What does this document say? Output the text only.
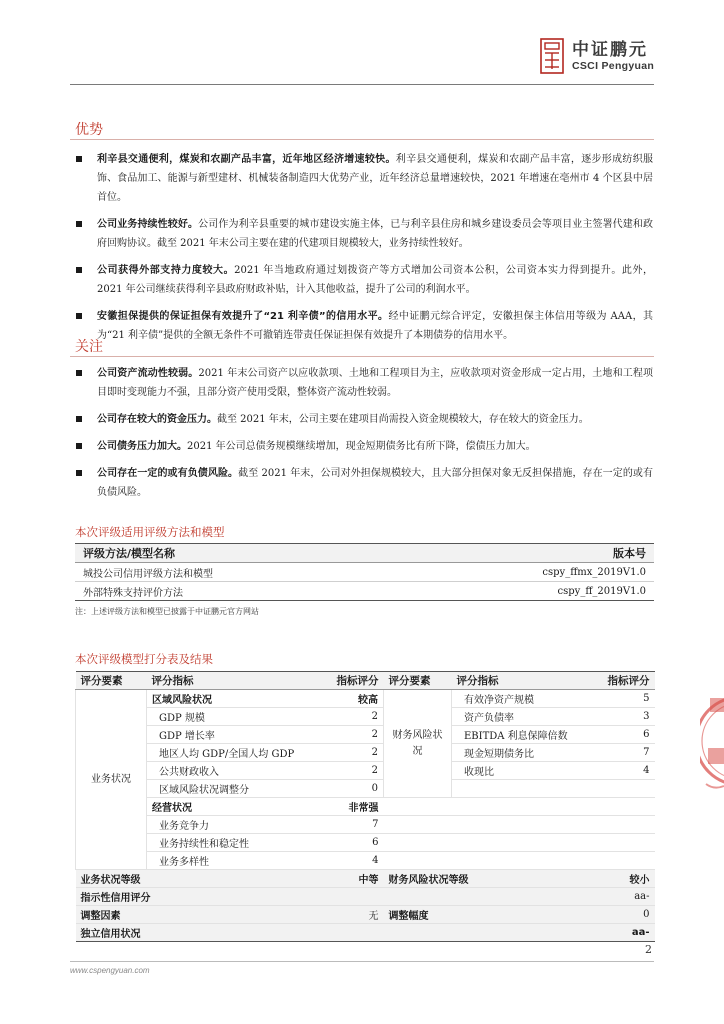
中证鹏元
CSCI Pengyuan
优势
利辛县交通便利，煤炭和农副产品丰富，近年地区经济增速较快。利辛县交通便利，煤炭和农副产品丰富，逐步形成纺织服饰、食品加工、能源与新型建材、机械装备制造四大优势产业，近年经济总量增速较快，2021 年增速在亳州市 4 个区县中居首位。
公司业务持续性较好。公司作为利辛县重要的城市建设实施主体，已与利辛县住房和城乡建设委员会等项目业主签署代建和政府回购协议。截至 2021 年末公司主要在建的代建项目规模较大，业务持续性较好。
公司获得外部支持力度较大。2021 年当地政府通过划拨资产等方式增加公司资本公积，公司资本实力得到提升。此外， 2021 年公司继续获得利辛县政府财政补贴，计入其他收益，提升了公司的利润水平。
安徽担保提供的保证担保有效提升了“21 利辛债”的信用水平。经中证鹏元综合评定，安徽担保主体信用等级为 AAA，其为“21 利辛债”提供的全额无条件不可撤销连带责任保证担保有效提升了本期债券的信用水平。
关注
公司资产流动性较弱。2021 年末公司资产以应收款项、土地和工程项目为主，应收款项对资金形成一定占用，土地和工程项目即时变现能力不强，且部分资产使用受限，整体资产流动性较弱。
公司存在较大的资金压力。截至 2021 年末，公司主要在建项目尚需投入资金规模较大，存在较大的资金压力。
公司债务压力加大。2021 年公司总债务规模继续增加，现金短期债务比有所下降，偿债压力加大。
公司存在一定的或有负债风险。截至 2021 年末，公司对外担保规模较大，且大部分担保对象无反担保措施，存在一定的或有负债风险。
本次评级适用评级方法和模型
评级方法/模型名称	版本号
城投公司信用评级方法和模型	cspy_ffmx_2019V1.0
外部特殊支持评价方法	cspy_ff_2019V1.0
注：上述评级方法和模型已披露于中证鹏元官方网站
本次评级模型打分表及结果
评分要素	评分指标	指标评分	评分要素	评分指标	指标评分
业务状况	区域风险状况	较高	财务风险状况	有效净资产规模	5
	GDP 规模	2		资产负债率	3
	GDP 增长率	2		EBITDA 利息保障倍数	6
	地区人均 GDP/全国人均 GDP	2		现金短期债务比	7
	公共财政收入	2		收现比	4
	区域风险状况调整分	0			
	经营状况	非常强			
	业务竞争力	7			
	业务持续性和稳定性	6			
	业务多样性	4			
业务状况等级		中等	财务风险状况等级		较小
指示性信用评分		aa-			
调整因素		无	调整幅度		0
独立信用状况		aa-			
2
www.cspengyuan.com
